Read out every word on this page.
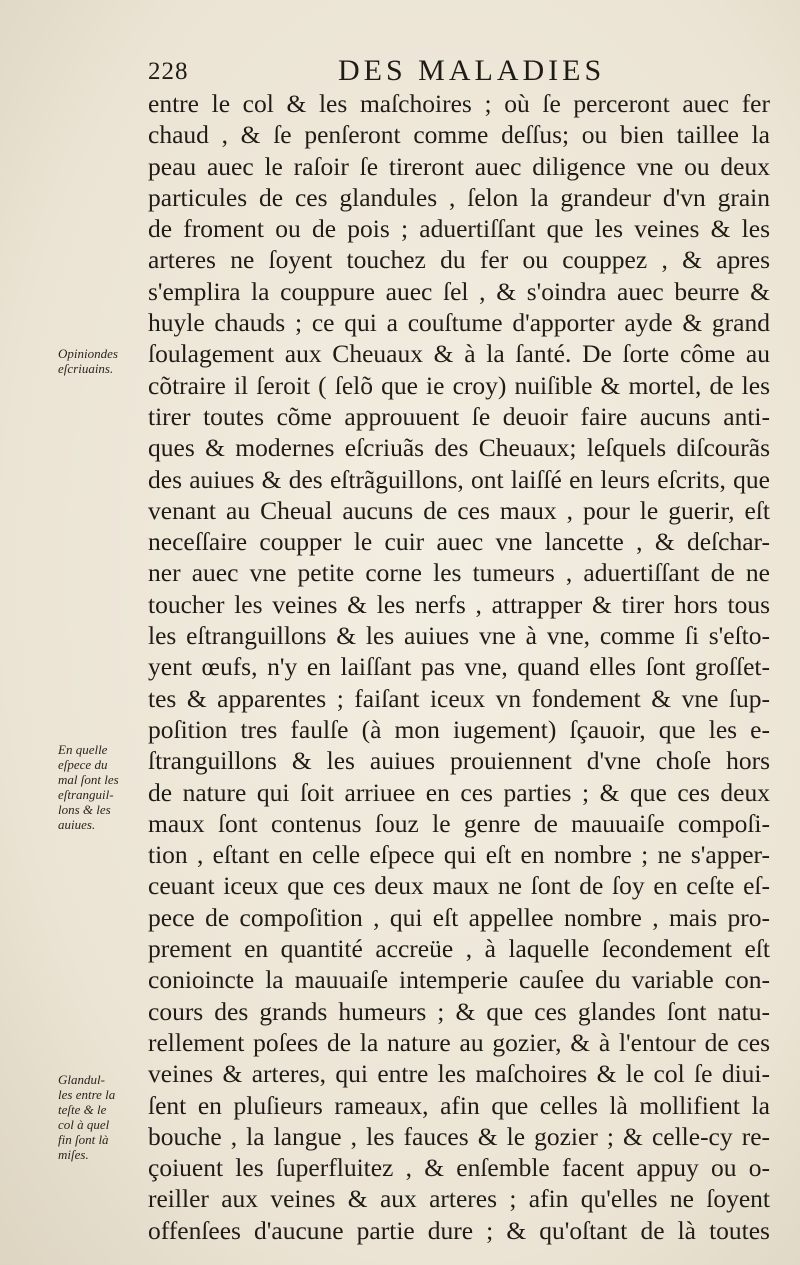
228	DES MALADIES
entre le col & les maſchoires ; où ſe perceront auec fer
chaud , & ſe penſeront comme deſſus; ou bien taillee la
peau auec le raſoir ſe tireront auec diligence vne ou deux
particules de ces glandules , ſelon la grandeur d'vn grain
de froment ou de pois ; aduertiſſant que les veines & les
arteres ne ſoyent touchez du fer ou couppez , & apres
s'emplira la couppure auec ſel , & s'oindra auec beurre &
huyle chauds ; ce qui a couſtume d'apporter ayde & grand
ſoulagement aux Cheuaux & à la ſanté. De ſorte côme au
cõtraire il ſeroit ( ſelõ que ie croy) nuiſible & mortel, de les
tirer toutes cõme approuuent ſe deuoir faire aucuns anti-
ques & modernes eſcriuãs des Cheuaux; leſquels diſcourãs
des auiues & des eſtrãguillons, ont laiſſé en leurs eſcrits, que
venant au Cheual aucuns de ces maux , pour le guerir, eſt
neceſſaire coupper le cuir auec vne lancette , & deſchar-
ner auec vne petite corne les tumeurs , aduertiſſant de ne
toucher les veines & les nerfs , attrapper & tirer hors tous
les eſtranguillons & les auiues vne à vne, comme ſi s'eſto-
yent œufs, n'y en laiſſant pas vne, quand elles ſont groſſet-
tes & apparentes ; faiſant iceux vn fondement & vne ſup-
poſition tres faulſe (à mon iugement) ſçauoir, que les e-
ſtranguillons & les auiues prouiennent d'vne choſe hors
de nature qui ſoit arriuee en ces parties ; & que ces deux
maux ſont contenus ſouz le genre de mauuaiſe compoſi-
tion , eſtant en celle eſpece qui eſt en nombre ; ne s'apper-
ceuant iceux que ces deux maux ne ſont de ſoy en ceſte eſ-
pece de compoſition , qui eſt appellee nombre , mais pro-
prement en quantité accreüe , à laquelle ſecondement eſt
conioincte la mauuaiſe intemperie cauſee du variable con-
cours des grands humeurs ; & que ces glandes ſont natu-
rellement poſees de la nature au gozier, & à l'entour de ces
veines & arteres, qui entre les maſchoires & le col ſe diui-
ſent en pluſieurs rameaux, afin que celles là mollifient la
bouche , la langue , les fauces & le gozier ; & celle-cy re-
çoiuent les ſuperfluitez , & enſemble facent appuy ou o-
reiller aux veines & aux arteres ; afin qu'elles ne ſoyent
offenſees d'aucune partie dure ; & qu'oſtant de là toutes
Opiniondes
eſcriuains.
En quelle
eſpece du
mal ſont les
eſtranguil-
lons & les
auiues.
Glandul-
les entre la
teſte & le
col à quel
fin ſont là
miſes.
